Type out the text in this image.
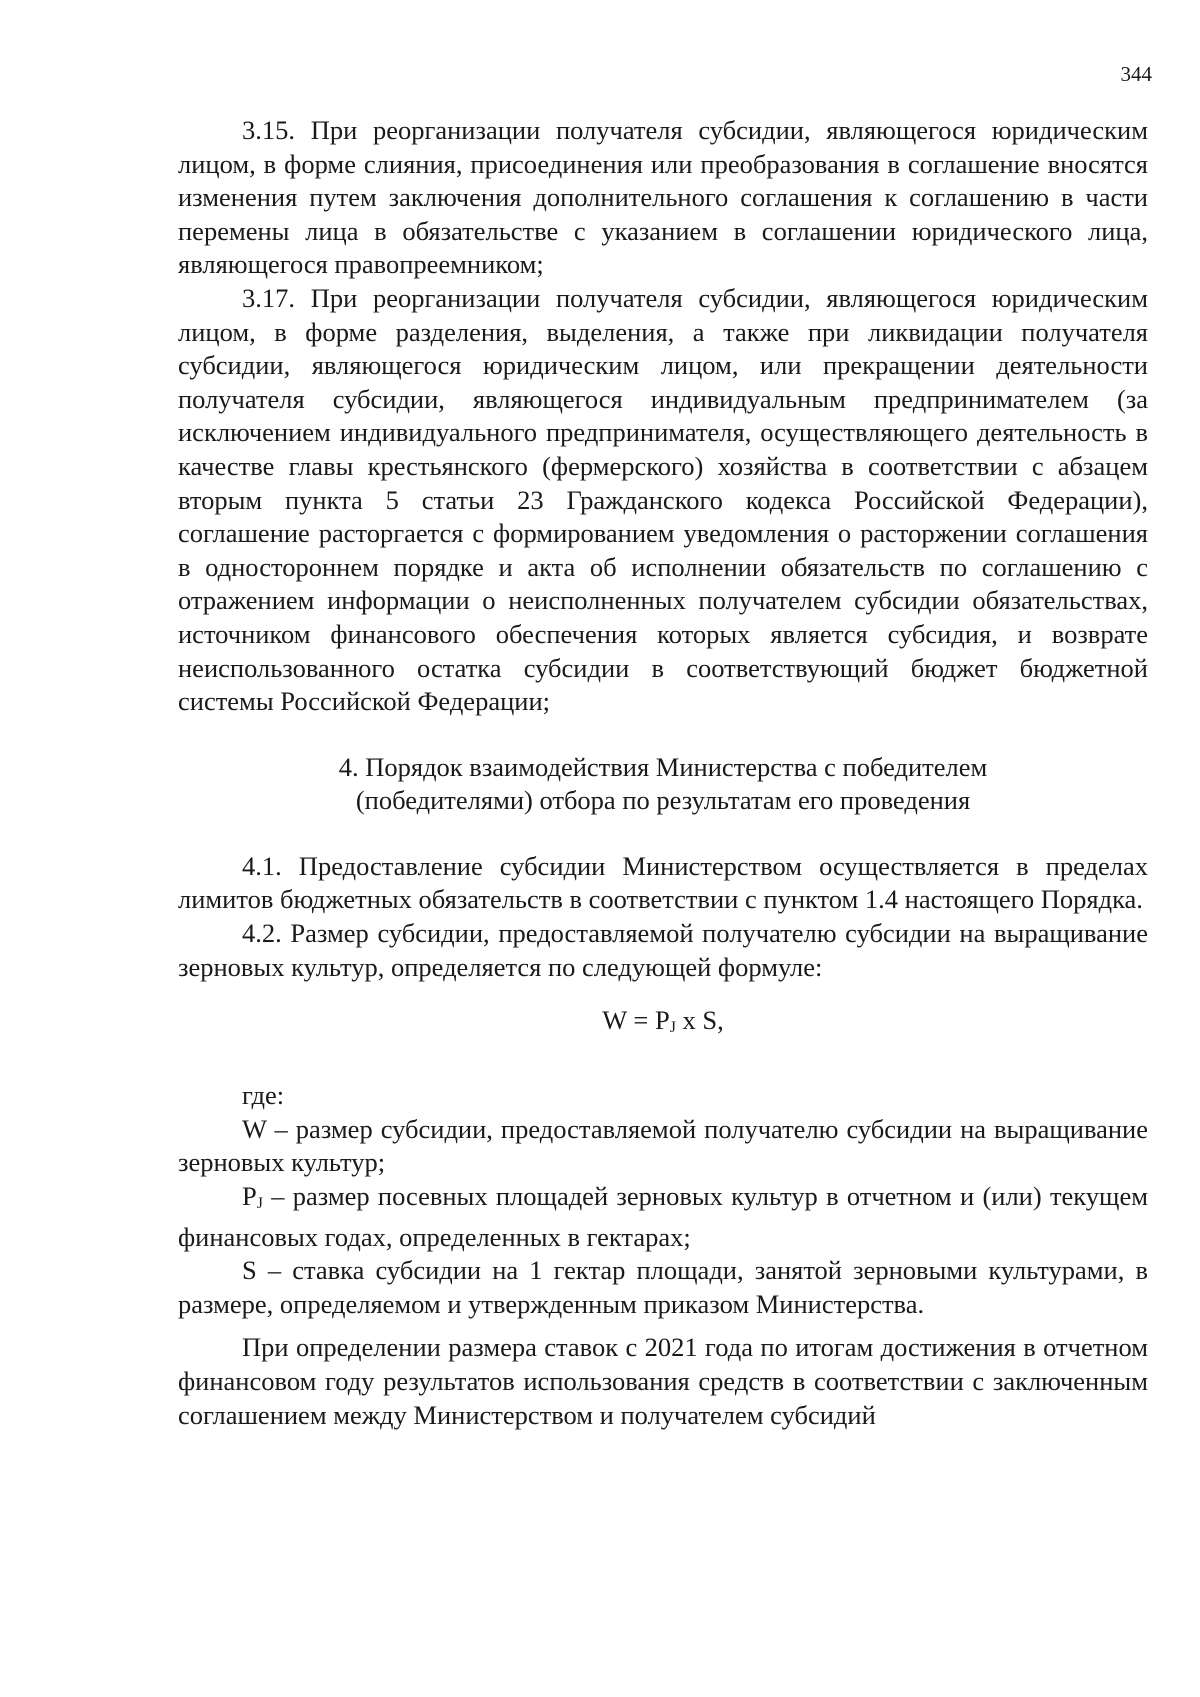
344

3.15. При реорганизации получателя субсидии, являющегося юридическим лицом, в форме слияния, присоединения или преобразования в соглашение вносятся изменения путем заключения дополнительного соглашения к соглашению в части перемены лица в обязательстве с указанием в соглашении юридического лица, являющегося правопреемником;

3.17. При реорганизации получателя субсидии, являющегося юридическим лицом, в форме разделения, выделения, а также при ликвидации получателя субсидии, являющегося юридическим лицом, или прекращении деятельности получателя субсидии, являющегося индивидуальным предпринимателем (за исключением индивидуального предпринимателя, осуществляющего деятельность в качестве главы крестьянского (фермерского) хозяйства в соответствии с абзацем вторым пункта 5 статьи 23 Гражданского кодекса Российской Федерации), соглашение расторгается с формированием уведомления о расторжении соглашения в одностороннем порядке и акта об исполнении обязательств по соглашению с отражением информации о неисполненных получателем субсидии обязательствах, источником финансового обеспечения которых является субсидия, и возврате неиспользованного остатка субсидии в соответствующий бюджет бюджетной системы Российской Федерации;

4. Порядок взаимодействия Министерства с победителем
(победителями) отбора по результатам его проведения

4.1. Предоставление субсидии Министерством осуществляется в пределах лимитов бюджетных обязательств в соответствии с пунктом 1.4 настоящего Порядка.

4.2. Размер субсидии, предоставляемой получателю субсидии на выращивание зерновых культур, определяется по следующей формуле:

$W = P_J$ x S,

где:

W – размер субсидии, предоставляемой получателю субсидии на выращивание зерновых культур;

$P_J$ – размер посевных площадей зерновых культур в отчетном и (или) текущем финансовых годах, определенных в гектарах;

S – ставка субсидии на 1 гектар площади, занятой зерновыми культурами, в размере, определяемом и утвержденным приказом Министерства.

При определении размера ставок с 2021 года по итогам достижения в отчетном финансовом году результатов использования средств в соответствии с заключенным соглашением между Министерством и получателем субсидий
